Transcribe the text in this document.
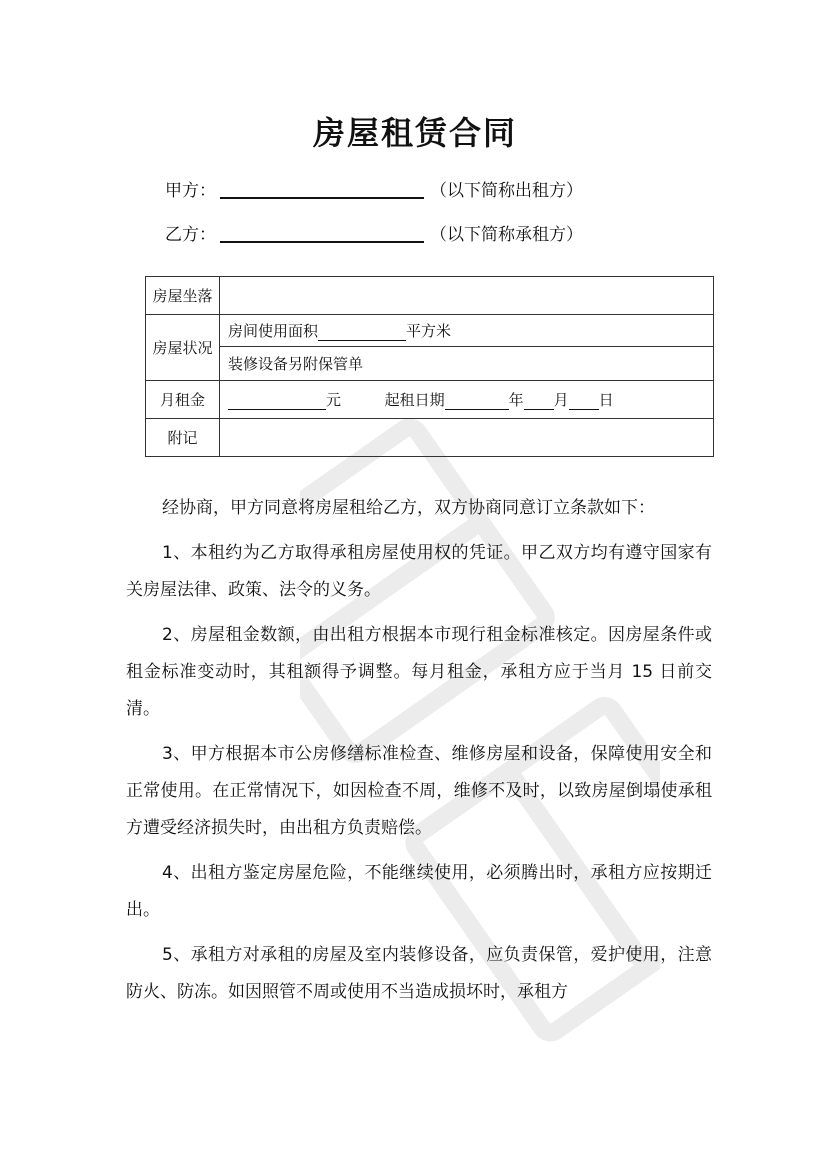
房屋租赁合同
甲方：	（以下简称出租方）
乙方：	（以下简称承租方）
房屋坐落	
房屋状况	房间使用面积 平方米
	装修设备另附保管单
月租金	元 起租日期 年 月 日
附记	

经协商，甲方同意将房屋租给乙方，双方协商同意订立条款如下：

1、本租约为乙方取得承租房屋使用权的凭证。甲乙双方均有遵守国家有关房屋法律、政策、法令的义务。

2、房屋租金数额，由出租方根据本市现行租金标准核定。因房屋条件或租金标准变动时，其租额得予调整。每月租金，承租方应于当月 15 日前交清。

3、甲方根据本市公房修缮标准检查、维修房屋和设备，保障使用安全和正常使用。在正常情况下，如因检查不周，维修不及时，以致房屋倒塌使承租方遭受经济损失时，由出租方负责赔偿。

4、出租方鉴定房屋危险，不能继续使用，必须腾出时，承租方应按期迁出。

5、承租方对承租的房屋及室内装修设备，应负责保管，爱护使用，注意防火、防冻。如因照管不周或使用不当造成损坏时，承租方
